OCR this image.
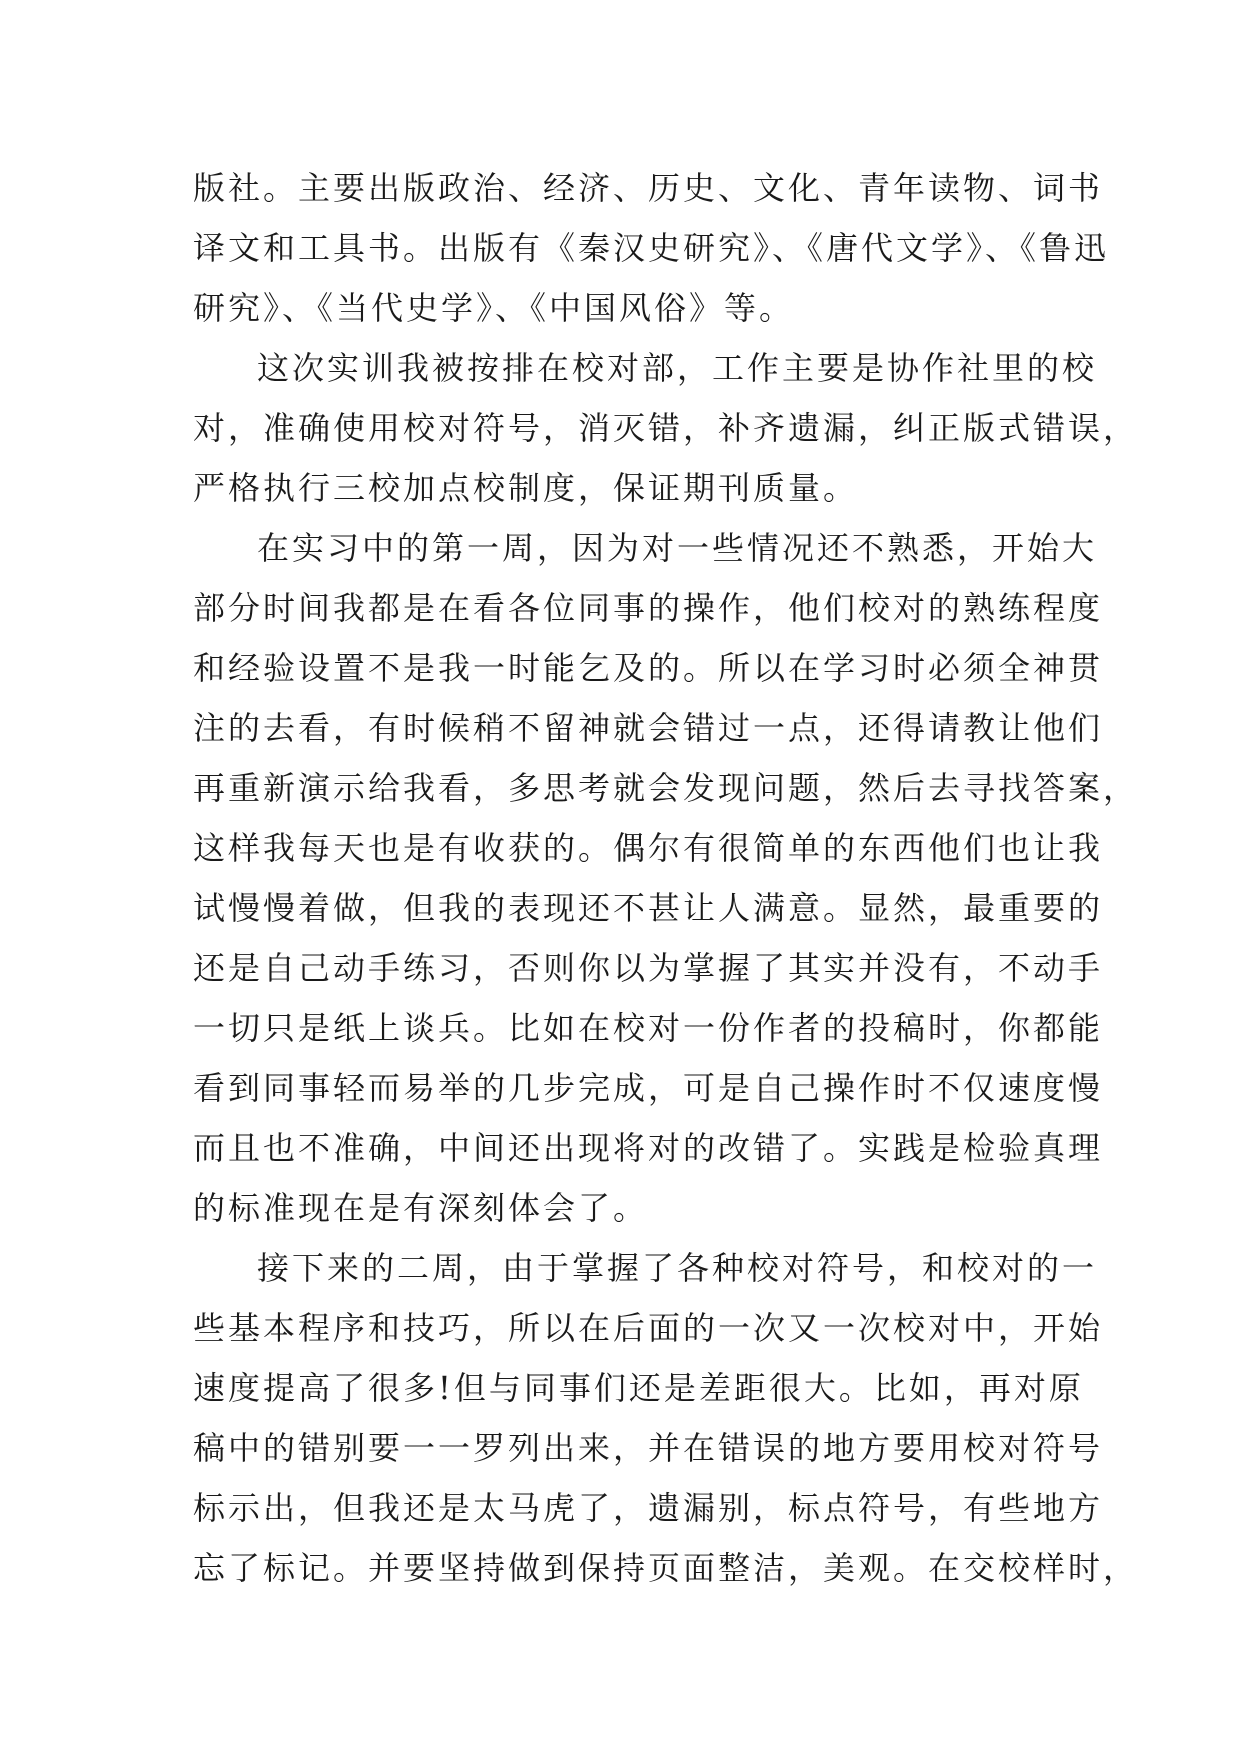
版社。主要出版政治、经济、历史、文化、青年读物、词书
译文和工具书。出版有《秦汉史研究》、《唐代文学》、《鲁迅
研究》、《当代史学》、《中国风俗》等。
这次实训我被按排在校对部，工作主要是协作社里的校
对，准确使用校对符号，消灭错，补齐遗漏，纠正版式错误，
严格执行三校加点校制度，保证期刊质量。
在实习中的第一周，因为对一些情况还不熟悉，开始大
部分时间我都是在看各位同事的操作，他们校对的熟练程度
和经验设置不是我一时能乞及的。所以在学习时必须全神贯
注的去看，有时候稍不留神就会错过一点，还得请教让他们
再重新演示给我看，多思考就会发现问题，然后去寻找答案，
这样我每天也是有收获的。偶尔有很简单的东西他们也让我
试慢慢着做，但我的表现还不甚让人满意。显然，最重要的
还是自己动手练习，否则你以为掌握了其实并没有，不动手
一切只是纸上谈兵。比如在校对一份作者的投稿时，你都能
看到同事轻而易举的几步完成，可是自己操作时不仅速度慢
而且也不准确，中间还出现将对的改错了。实践是检验真理
的标准现在是有深刻体会了。
接下来的二周，由于掌握了各种校对符号，和校对的一
些基本程序和技巧，所以在后面的一次又一次校对中，开始
速度提高了很多!但与同事们还是差距很大。比如，再对原
稿中的错别要一一罗列出来，并在错误的地方要用校对符号
标示出，但我还是太马虎了，遗漏别，标点符号，有些地方
忘了标记。并要坚持做到保持页面整洁，美观。在交校样时，
